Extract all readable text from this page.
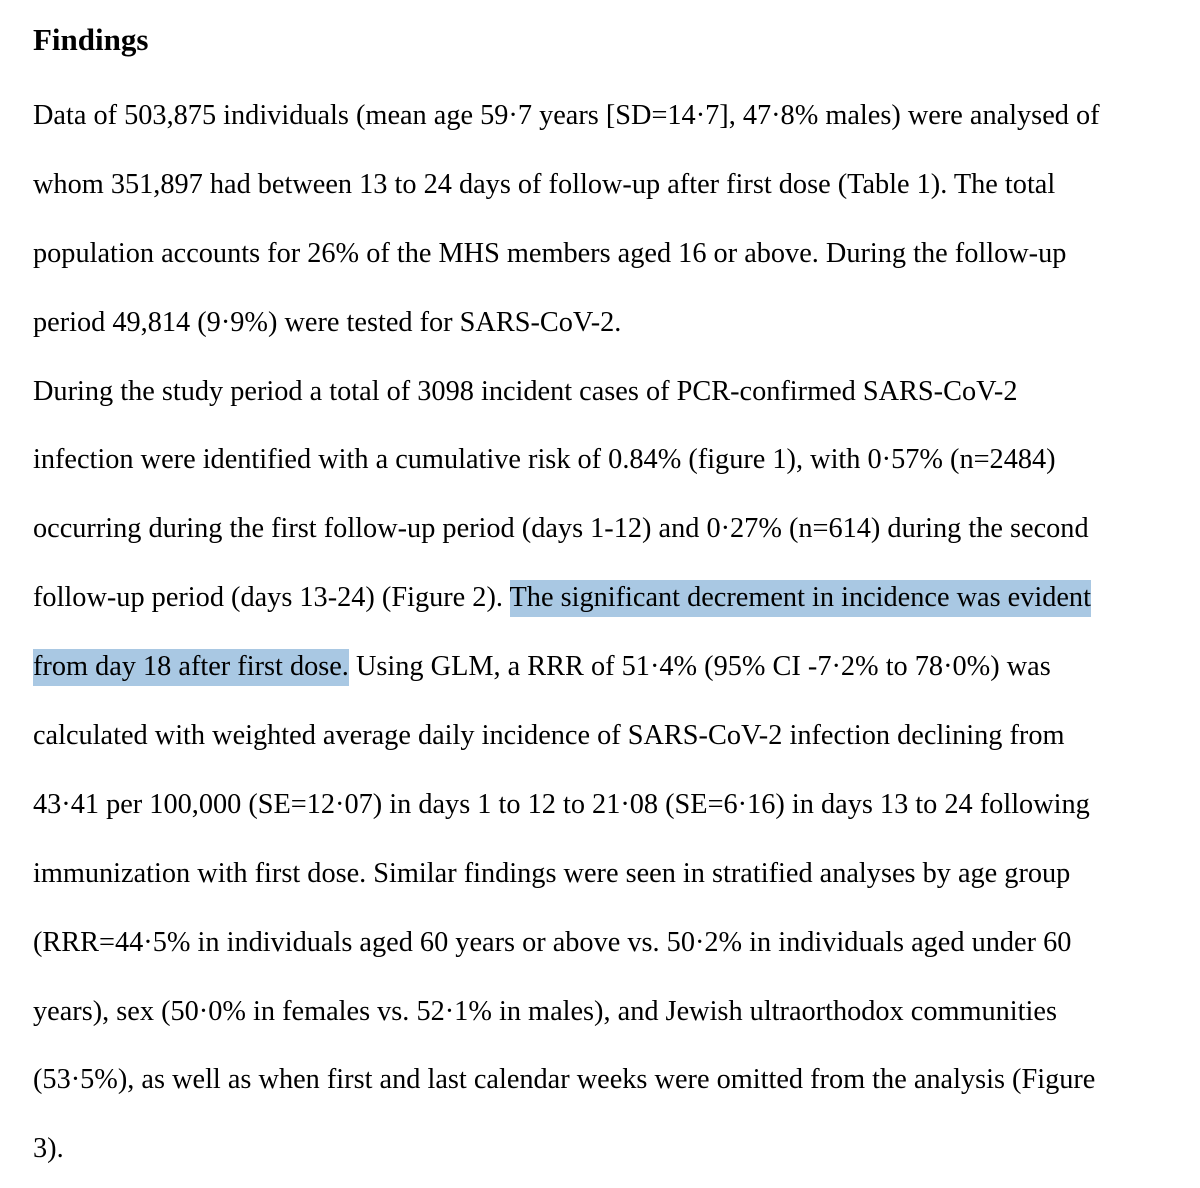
Findings
Data of 503,875 individuals (mean age 59·7 years [SD=14·7], 47·8% males) were analysed of
whom 351,897 had between 13 to 24 days of follow-up after first dose (Table 1). The total
population accounts for 26% of the MHS members aged 16 or above. During the follow-up
period 49,814 (9·9%) were tested for SARS-CoV-2.
During the study period a total of 3098 incident cases of PCR-confirmed SARS-CoV-2
infection were identified with a cumulative risk of 0.84% (figure 1), with 0·57% (n=2484)
occurring during the first follow-up period (days 1-12) and 0·27% (n=614) during the second
follow-up period (days 13-24) (Figure 2). The significant decrement in incidence was evident
from day 18 after first dose. Using GLM, a RRR of 51·4% (95% CI -7·2% to 78·0%) was
calculated with weighted average daily incidence of SARS-CoV-2 infection declining from
43·41 per 100,000 (SE=12·07) in days 1 to 12 to 21·08 (SE=6·16) in days 13 to 24 following
immunization with first dose. Similar findings were seen in stratified analyses by age group
(RRR=44·5% in individuals aged 60 years or above vs. 50·2% in individuals aged under 60
years), sex (50·0% in females vs. 52·1% in males), and Jewish ultraorthodox communities
(53·5%), as well as when first and last calendar weeks were omitted from the analysis (Figure
3).
